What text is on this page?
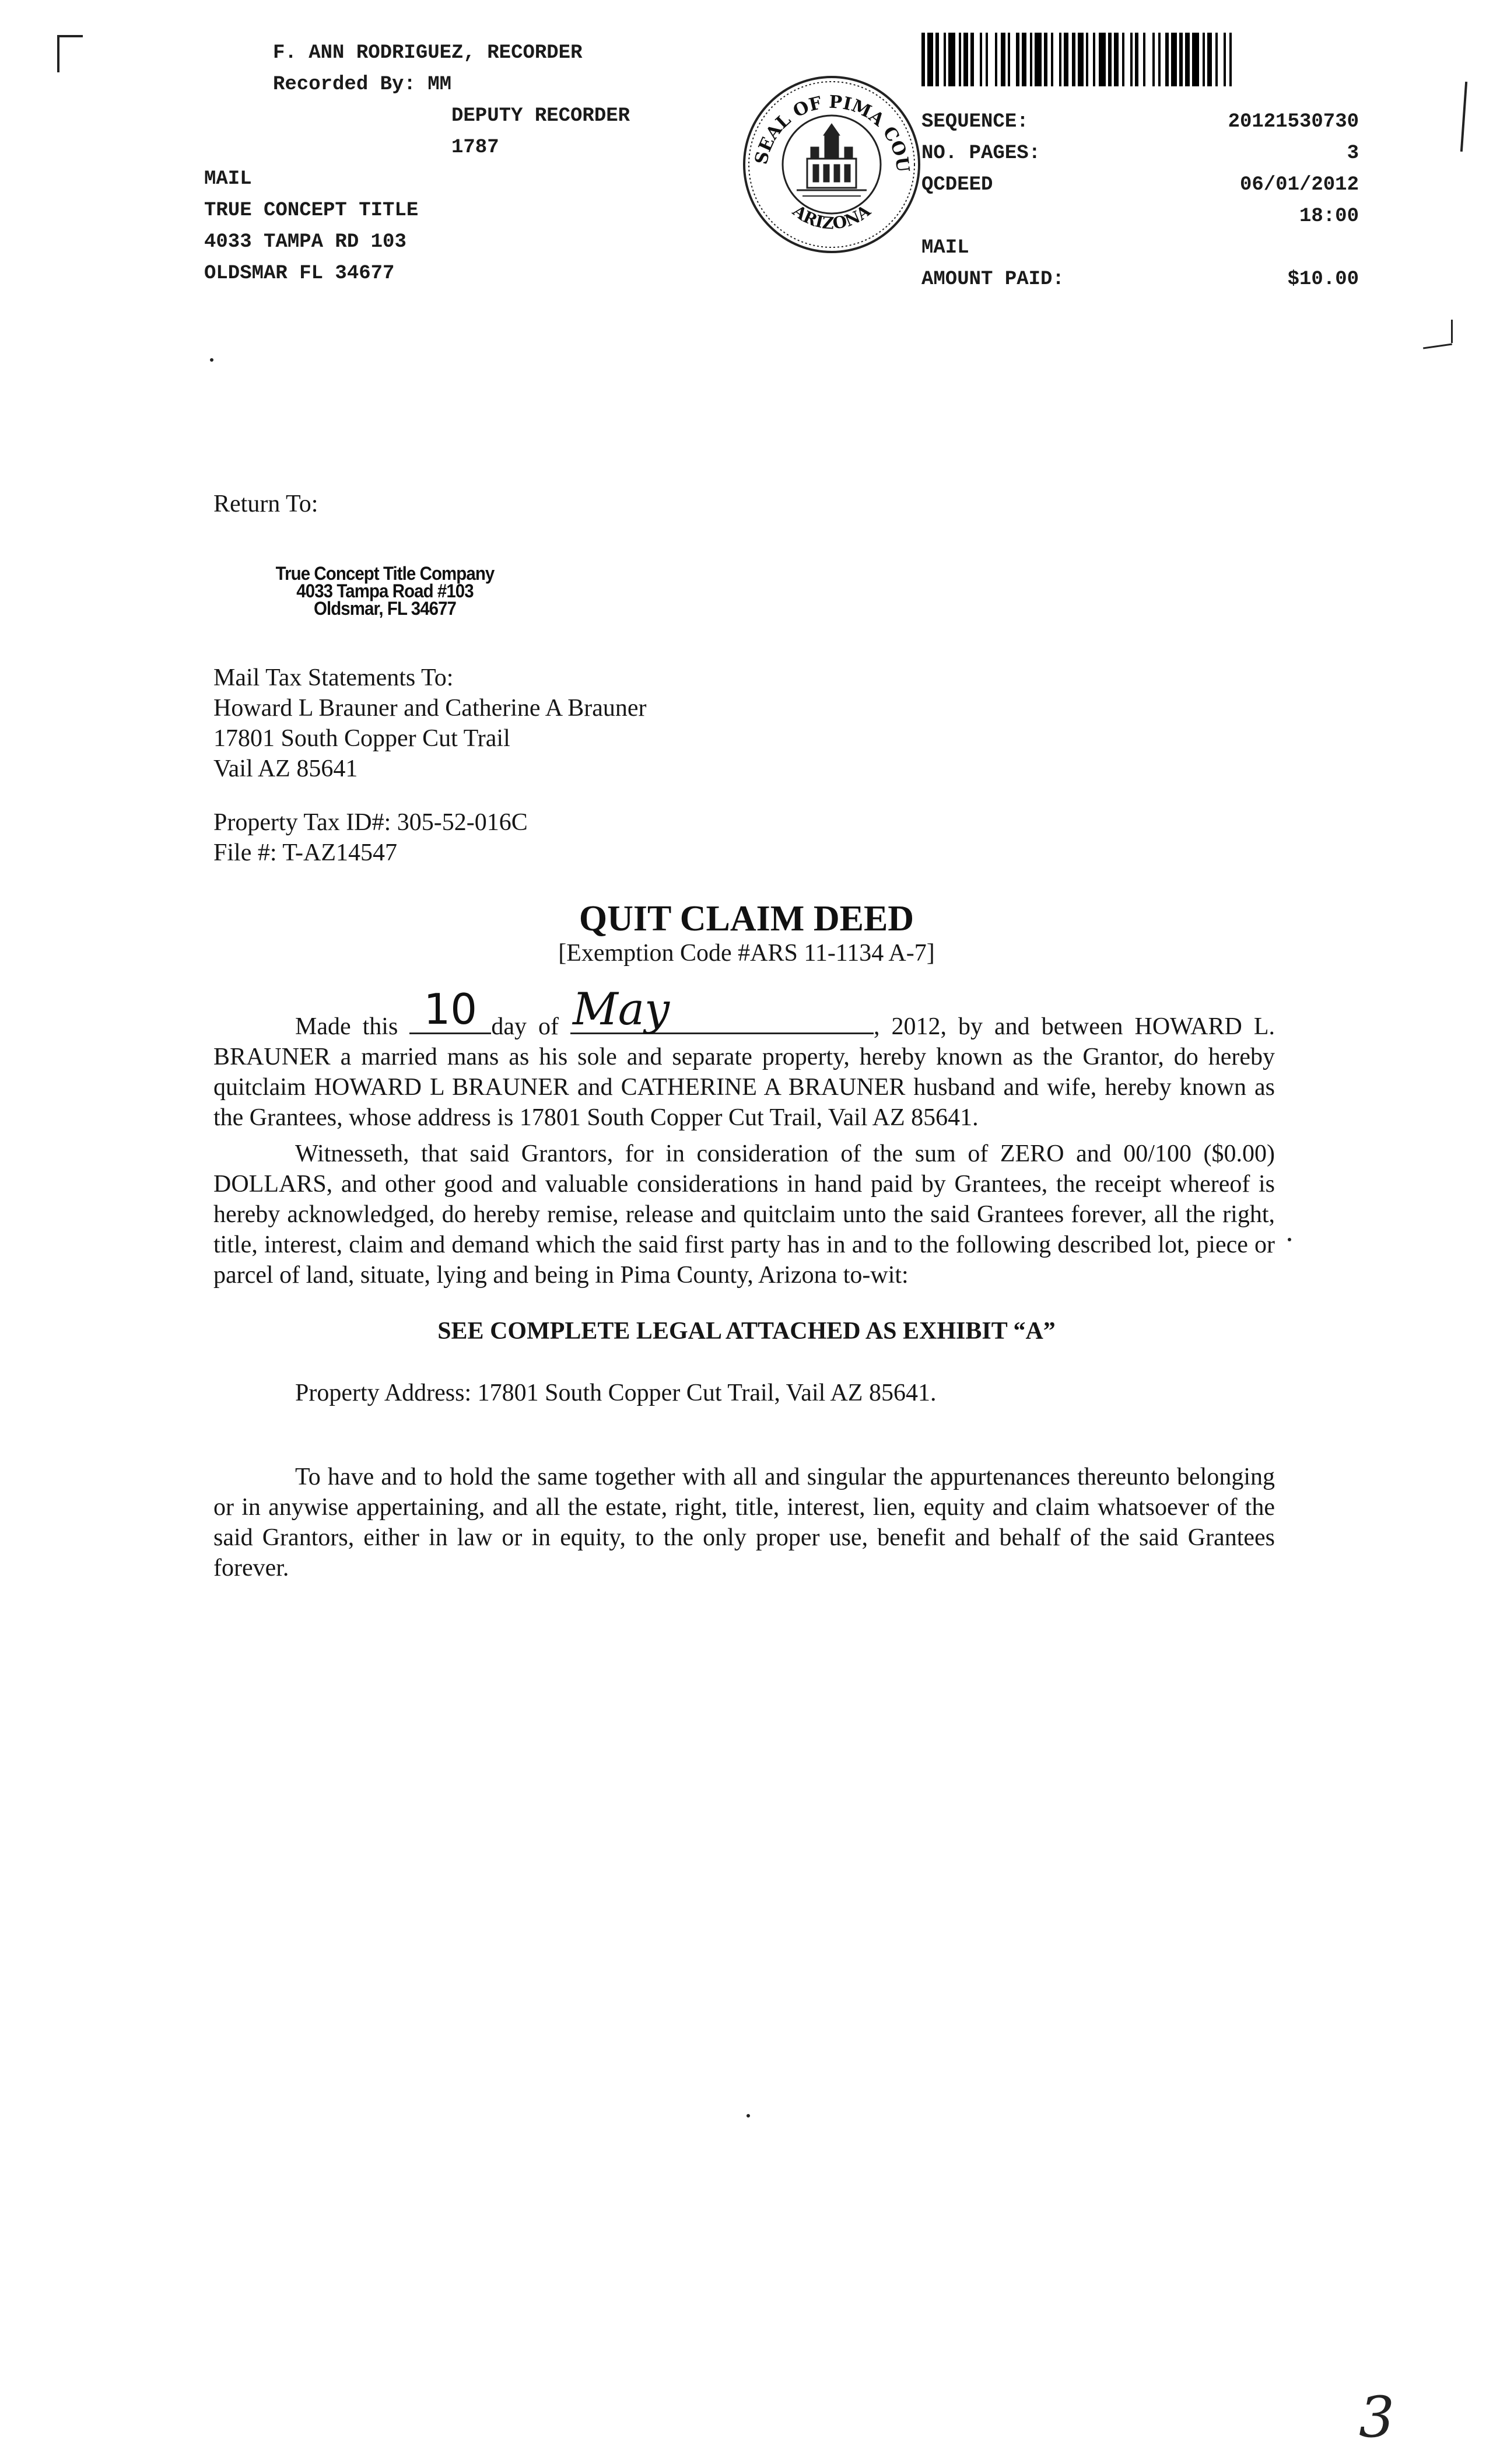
F. ANN RODRIGUEZ, RECORDER
Recorded By: MM
DEPUTY RECORDER
1787
MAIL
TRUE CONCEPT TITLE
4033 TAMPA RD 103
OLDSMAR FL 34677
SEAL OF PIMA COU
ARIZONA
SEQUENCE:
NO. PAGES:
QCDEED
MAIL
AMOUNT PAID:
20121530730
3
06/01/2012
18:00
$10.00
Return To:
True Concept Title Company
4033 Tampa Road #103
Oldsmar, FL 34677
Mail Tax Statements To:
Howard L Brauner and Catherine A Brauner
17801 South Copper Cut Trail
Vail AZ 85641
Property Tax ID#: 305-52-016C
File #: T-AZ14547
QUIT CLAIM DEED
[Exemption Code #ARS 11-1134 A-7]
Made this 10 day of May	, 2012, by and between HOWARD L. BRAUNER a married mans as his sole and separate property, hereby known as the Grantor, do hereby quitclaim HOWARD L BRAUNER and CATHERINE A BRAUNER husband and wife, hereby known as the Grantees, whose address is 17801 South Copper Cut Trail, Vail AZ 85641.
Witnesseth, that said Grantors, for in consideration of the sum of ZERO and 00/100 ($0.00) DOLLARS, and other good and valuable considerations in hand paid by Grantees, the receipt whereof is hereby acknowledged, do hereby remise, release and quitclaim unto the said Grantees forever, all the right, title, interest, claim and demand which the said first party has in and to the following described lot, piece or parcel of land, situate, lying and being in Pima County, Arizona to-wit:
SEE COMPLETE LEGAL ATTACHED AS EXHIBIT “A”
Property Address: 17801 South Copper Cut Trail, Vail AZ 85641.
To have and to hold the same together with all and singular the appurtenances thereunto belonging or in anywise appertaining, and all the estate, right, title, interest, lien, equity and claim whatsoever of the said Grantors, either in law or in equity, to the only proper use, benefit and behalf of the said Grantees forever.
3
